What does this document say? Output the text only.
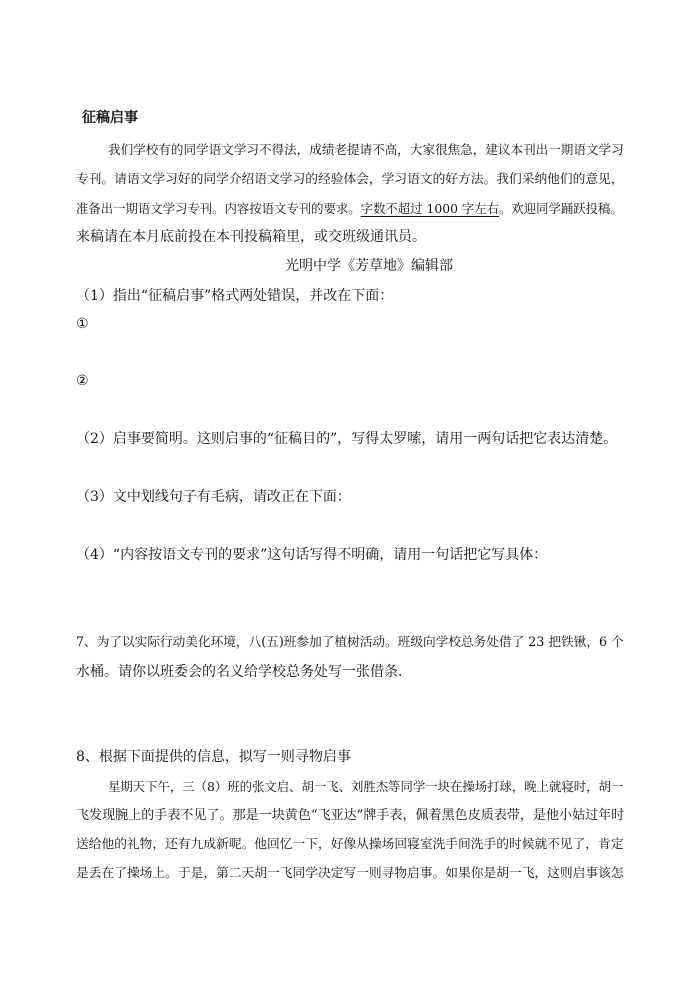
征稿启事
我们学校有的同学语文学习不得法，成绩老提请不高，大家很焦急，建议本刊出一期语文学习
专刊。请语文学习好的同学介绍语文学习的经验体会，学习语文的好方法。我们采纳他们的意见，
准备出一期语文学习专刊。内容按语文专刊的要求。字数不超过 1000 字左右。欢迎同学踊跃投稿。
来稿请在本月底前投在本刊投稿箱里，或交班级通讯员。
光明中学《芳草地》编辑部
（1）指出“征稿启事”格式两处错误，并改在下面：
①
②
（2）启事要简明。这则启事的“征稿目的”，写得太罗嗦，请用一两句话把它表达清楚。
（3）文中划线句子有毛病，请改正在下面：
（4）“内容按语文专刊的要求”这句话写得不明确，请用一句话把它写具体：
7、为了以实际行动美化环境，八(五)班参加了植树活动。班级向学校总务处借了 23 把铁锹，6 个
水桶。请你以班委会的名义给学校总务处写一张借条.
8、根据下面提供的信息，拟写一则寻物启事
星期天下午，三（8）班的张文启、胡一飞、刘胜杰等同学一块在操场打球，晚上就寝时，胡一
飞发现腕上的手表不见了。那是一块黄色“飞亚达”牌手表，佩着黑色皮质表带，是他小姑过年时
送给他的礼物，还有九成新呢。他回忆一下，好像从操场回寝室洗手间洗手的时候就不见了，肯定
是丢在了操场上。于是，第二天胡一飞同学决定写一则寻物启事。如果你是胡一飞，这则启事该怎
